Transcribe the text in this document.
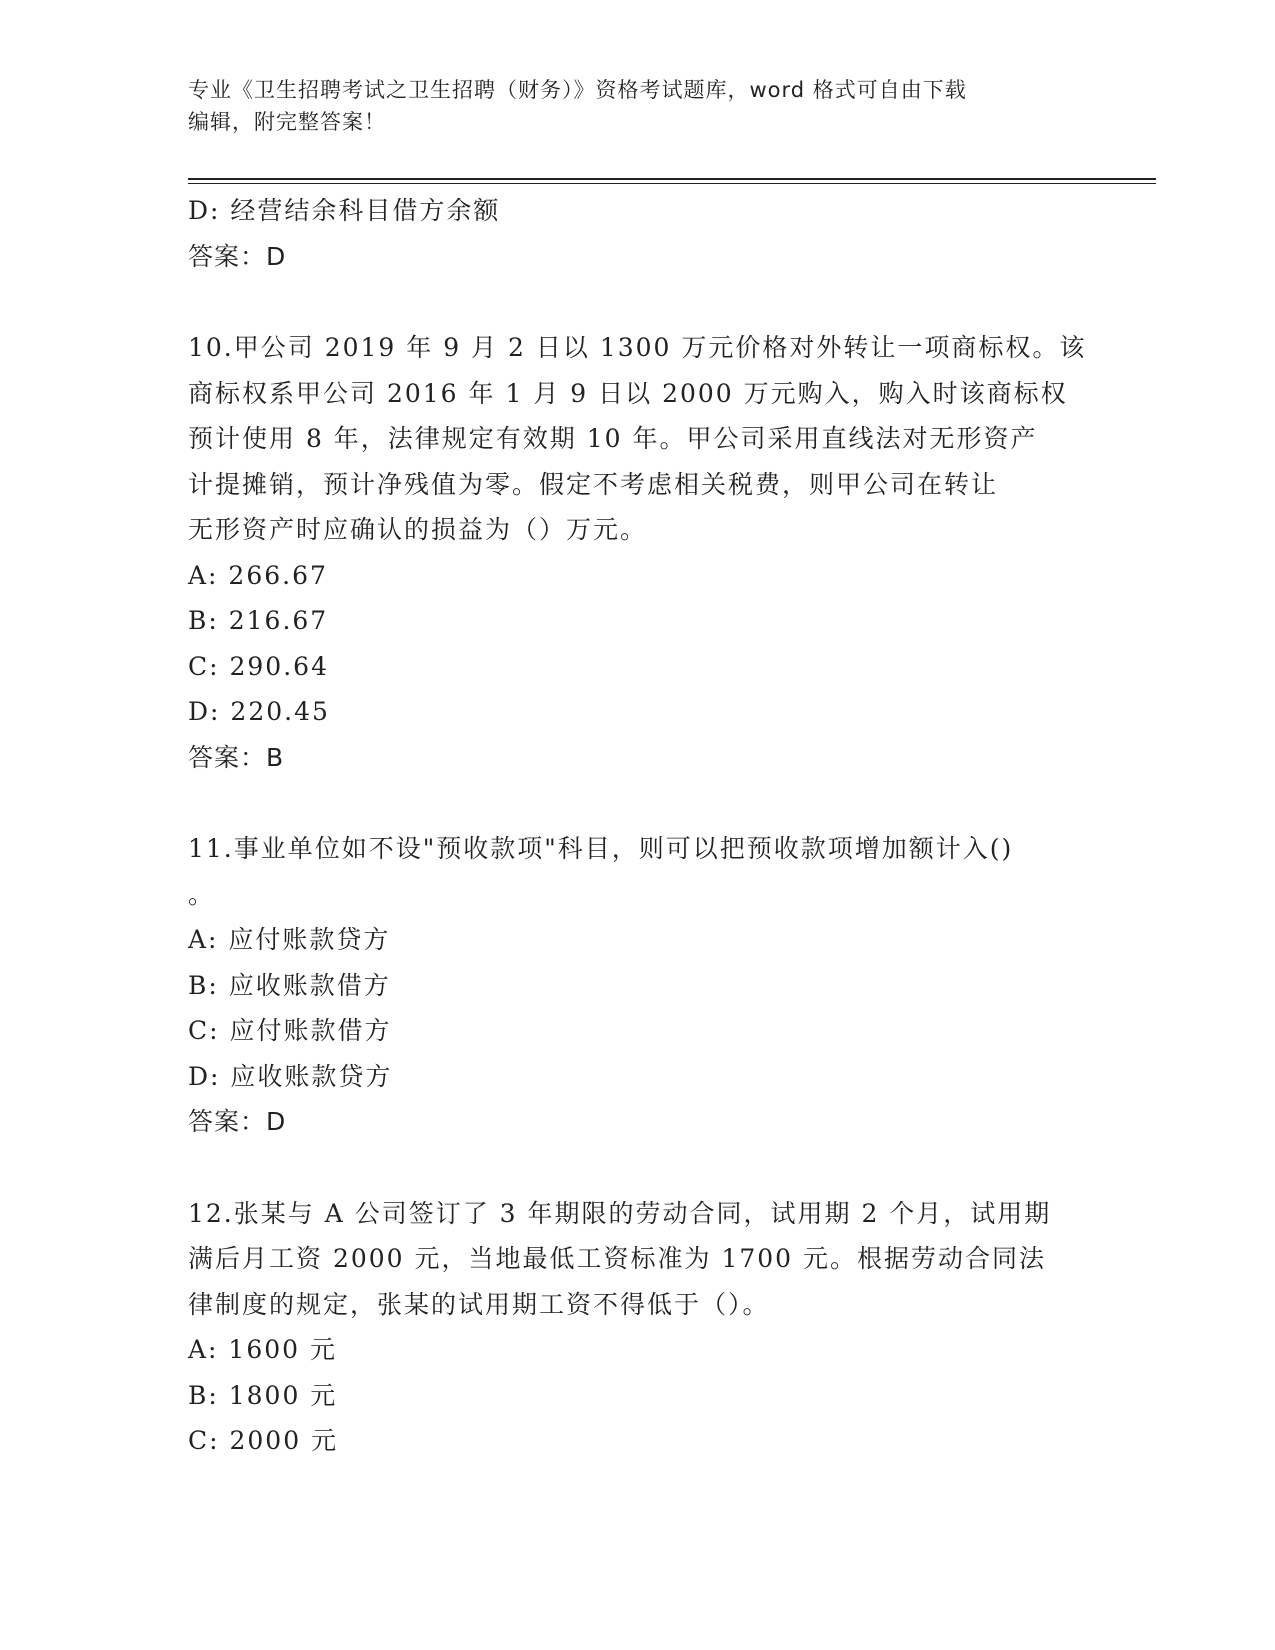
专业《卫生招聘考试之卫生招聘（财务）》资格考试题库，word 格式可自由下载
编辑，附完整答案！
D: 经营结余科目借方余额
答案：D
10.甲公司 2019 年 9 月 2 日以 1300 万元价格对外转让一项商标权。该
商标权系甲公司 2016 年 1 月 9 日以 2000 万元购入，购入时该商标权
预计使用 8 年，法律规定有效期 10 年。甲公司采用直线法对无形资产
计提摊销，预计净残值为零。假定不考虑相关税费，则甲公司在转让
无形资产时应确认的损益为（）万元。
A: 266.67
B: 216.67
C: 290.64
D: 220.45
答案：B
11.事业单位如不设"预收款项"科目，则可以把预收款项增加额计入()
。
A: 应付账款贷方
B: 应收账款借方
C: 应付账款借方
D: 应收账款贷方
答案：D
12.张某与 A 公司签订了 3 年期限的劳动合同，试用期 2 个月，试用期
满后月工资 2000 元，当地最低工资标准为 1700 元。根据劳动合同法
律制度的规定，张某的试用期工资不得低于（）。
A: 1600 元
B: 1800 元
C: 2000 元
